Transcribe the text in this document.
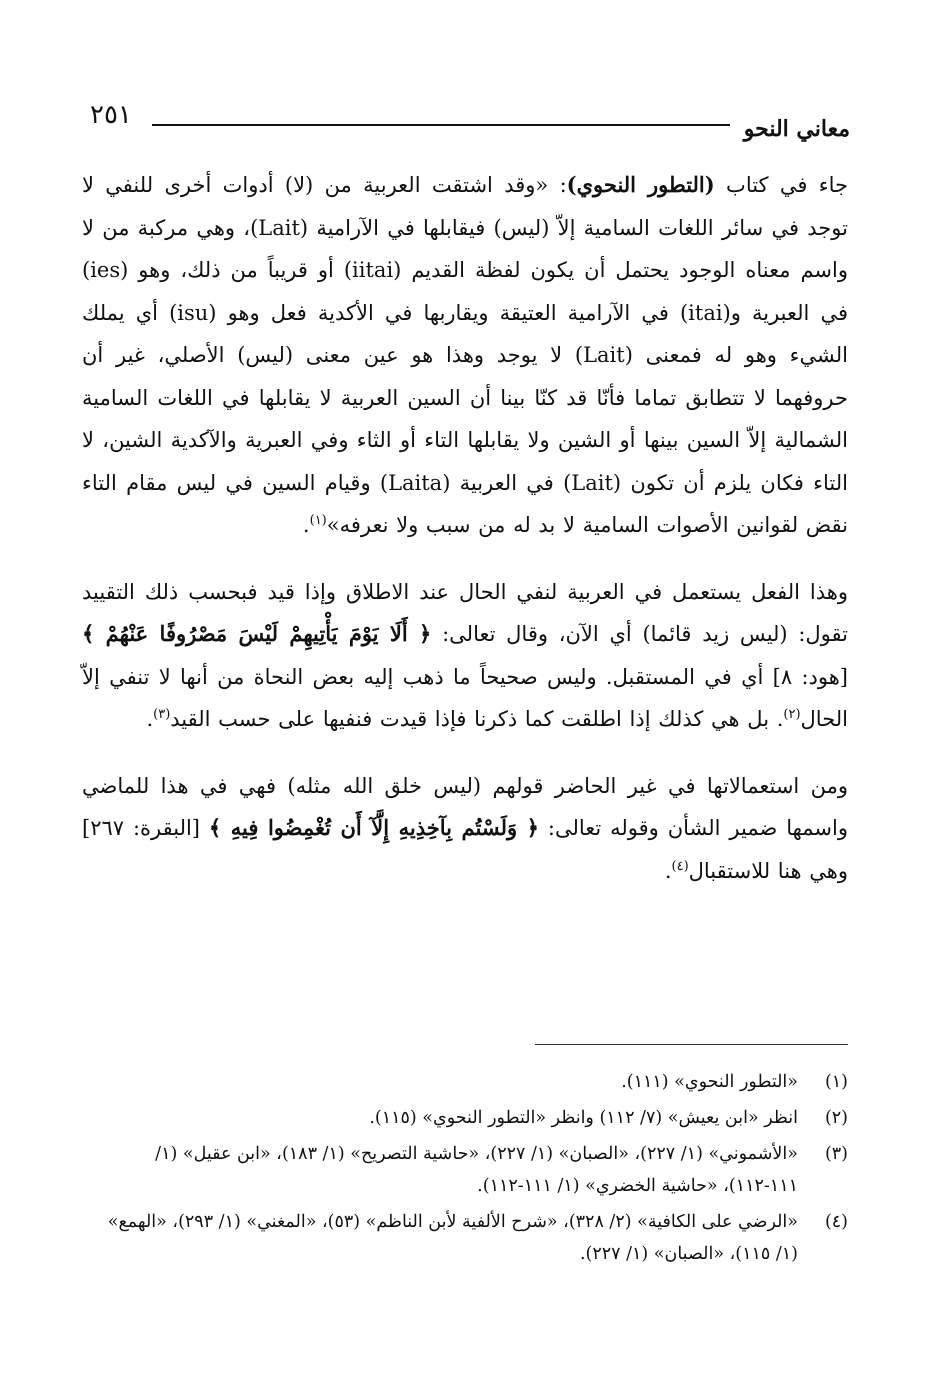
٢٥١	معاني النحو

جاء في كتاب (التطور النحوي): «وقد اشتقت العربية من (لا) أدوات أخرى للنفي لا توجد في سائر اللغات السامية إلاّ (ليس) فيقابلها في الآرامية (Lait)، وهي مركبة من لا واسم معناه الوجود يحتمل أن يكون لفظة القديم (iitai) أو قريباً من ذلك، وهو (ies) في العبرية و(itai) في الآرامية العتيقة ويقاربها في الأكدية فعل وهو (isu) أي يملك الشيء وهو له فمعنى (Lait) لا يوجد وهذا هو عين معنى (ليس) الأصلي، غير أن حروفهما لا تتطابق تماما فأنّا قد كنّا بينا أن السين العربية لا يقابلها في اللغات السامية الشمالية إلاّ السين بينها أو الشين ولا يقابلها التاء أو الثاء وفي العبرية والآكدية الشين، لا التاء فكان يلزم أن تكون (Lait) في العربية (Laita) وقيام السين في ليس مقام التاء نقض لقوانين الأصوات السامية لا بد له من سبب ولا نعرفه»$^{(١)}$.

وهذا الفعل يستعمل في العربية لنفي الحال عند الاطلاق وإذا قيد فبحسب ذلك التقييد تقول: (ليس زيد قائما) أي الآن، وقال تعالى: ﴿ أَلَا يَوْمَ يَأْتِيهِمْ لَيْسَ مَصْرُوفًا عَنْهُمْ ﴾ [هود: ٨] أي في المستقبل. وليس صحيحاً ما ذهب إليه بعض النحاة من أنها لا تنفي إلاّ الحال$^{(٢)}$. بل هي كذلك إذا اطلقت كما ذكرنا فإذا قيدت فنفيها على حسب القيد$^{(٣)}$.

ومن استعمالاتها في غير الحاضر قولهم (ليس خلق الله مثله) فهي في هذا للماضي واسمها ضمير الشأن وقوله تعالى: ﴿ وَلَسْتُم بِآخِذِيهِ إِلَّآ أَن تُغْمِضُوا فِيهِ ﴾ [البقرة: ٢٦٧] وهي هنا للاستقبال$^{(٤)}$.

(١)
«التطور النحوي» (١١١).
(٢)
انظر «ابن يعيش» (٧/ ١١٢) وانظر «التطور النحوي» (١١٥).
(٣)
«الأشموني» (١/ ٢٢٧)، «الصبان» (١/ ٢٢٧)، «حاشية التصريح» (١/ ١٨٣)، «ابن عقيل» (١/ ١١١-١١٢)، «حاشية الخضري» (١/ ١١١-١١٢).
(٤)
«الرضي على الكافية» (٢/ ٣٢٨)، «شرح الألفية لأبن الناظم» (٥٣)، «المغني» (١/ ٢٩٣)، «الهمع» (١/ ١١٥)، «الصبان» (١/ ٢٢٧).
